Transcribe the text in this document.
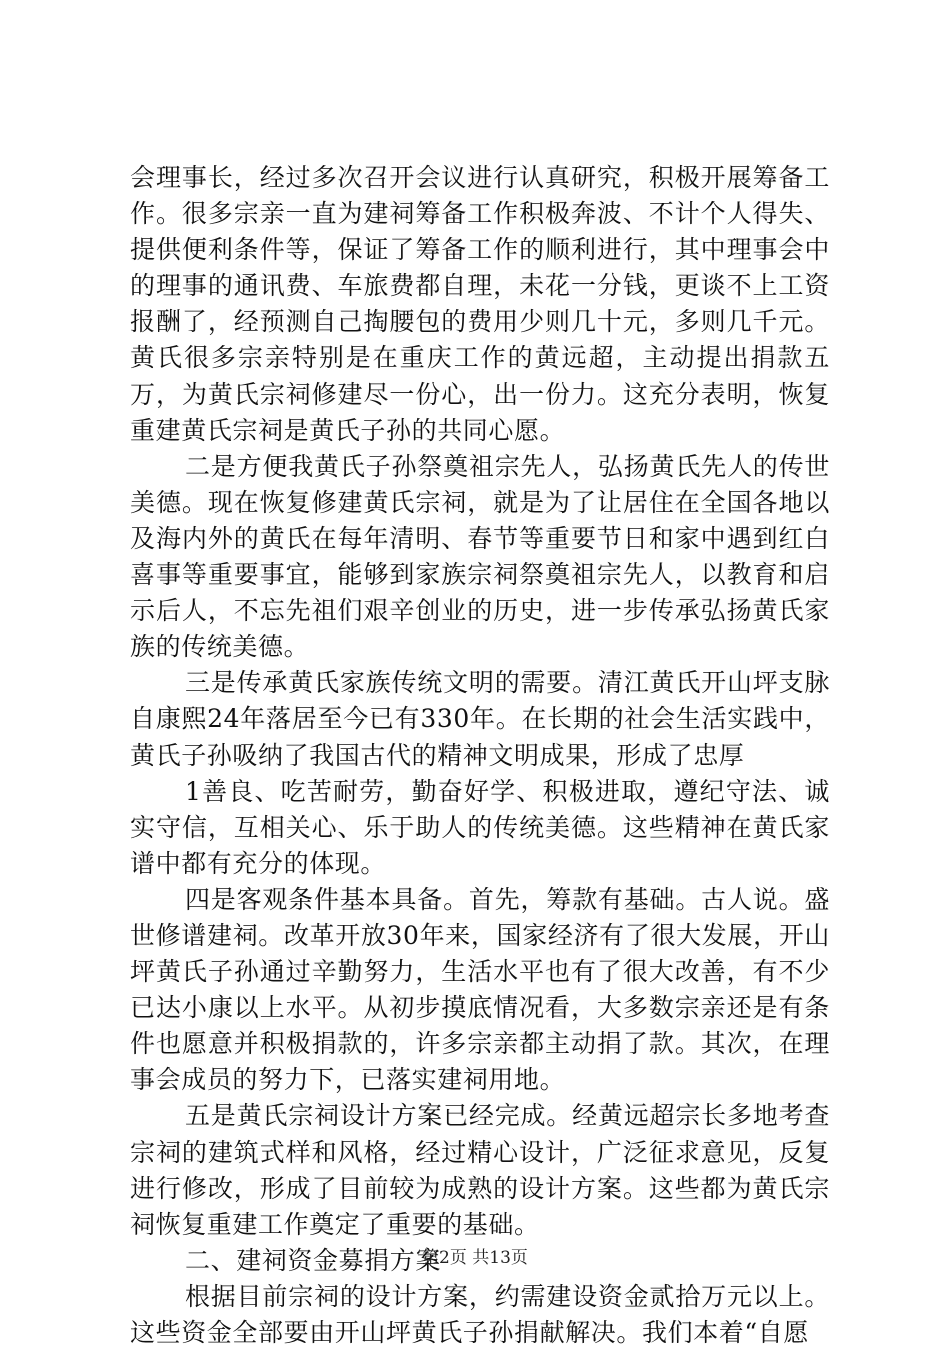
会理事长，经过多次召开会议进行认真研究，积极开展筹备工作。很多宗亲一直为建祠筹备工作积极奔波、不计个人得失、提供便利条件等，保证了筹备工作的顺利进行，其中理事会中的理事的通讯费、车旅费都自理，未花一分钱，更谈不上工资报酬了，经预测自己掏腰包的费用少则几十元，多则几千元。黄氏很多宗亲特别是在重庆工作的黄远超，主动提出捐款五万，为黄氏宗祠修建尽一份心，出一份力。这充分表明，恢复重建黄氏宗祠是黄氏子孙的共同心愿。

二是方便我黄氏子孙祭奠祖宗先人，弘扬黄氏先人的传世美德。现在恢复修建黄氏宗祠，就是为了让居住在全国各地以及海内外的黄氏在每年清明、春节等重要节日和家中遇到红白喜事等重要事宜，能够到家族宗祠祭奠祖宗先人，以教育和启示后人，不忘先祖们艰辛创业的历史，进一步传承弘扬黄氏家族的传统美德。

三是传承黄氏家族传统文明的需要。清江黄氏开山坪支脉自康熙24年落居至今已有330年。在长期的社会生活实践中，黄氏子孙吸纳了我国古代的精神文明成果，形成了忠厚

1善良、吃苦耐劳，勤奋好学、积极进取，遵纪守法、诚实守信，互相关心、乐于助人的传统美德。这些精神在黄氏家谱中都有充分的体现。

四是客观条件基本具备。首先，筹款有基础。古人说。盛世修谱建祠。改革开放30年来，国家经济有了很大发展，开山坪黄氏子孙通过辛勤努力，生活水平也有了很大改善，有不少已达小康以上水平。从初步摸底情况看，大多数宗亲还是有条件也愿意并积极捐款的，许多宗亲都主动捐了款。其次，在理事会成员的努力下，已落实建祠用地。

五是黄氏宗祠设计方案已经完成。经黄远超宗长多地考查宗祠的建筑式样和风格，经过精心设计，广泛征求意见，反复进行修改，形成了目前较为成熟的设计方案。这些都为黄氏宗祠恢复重建工作奠定了重要的基础。

二、建祠资金募捐方案

根据目前宗祠的设计方案，约需建设资金贰拾万元以上。这些资金全部要由开山坪黄氏子孙捐献解决。我们本着“自愿

第2页 共13页
